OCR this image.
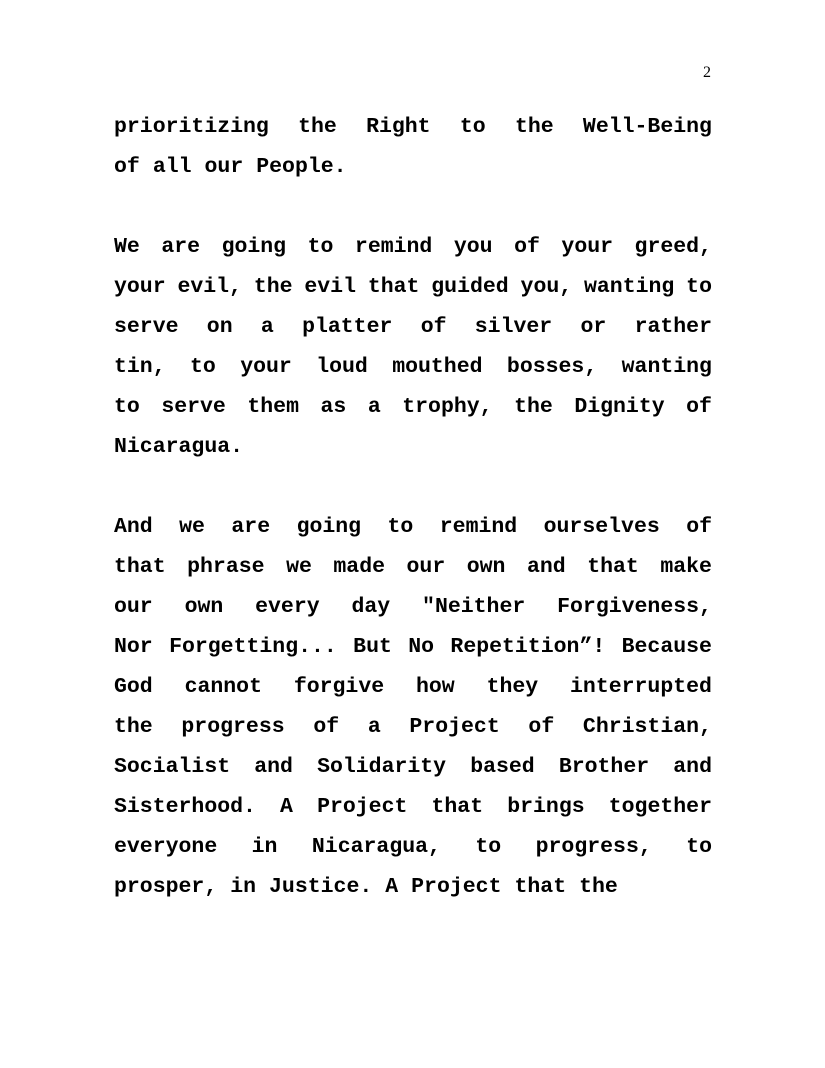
2
prioritizing the Right to the Well-Being
of all our People.
We are going to remind you of your greed,
your evil, the evil that guided you, wanting to
serve on a platter of silver or rather
tin, to your loud mouthed bosses, wanting
to serve them as a trophy, the Dignity of
Nicaragua.
And we are going to remind ourselves of
that phrase we made our own and that make
our own every day "Neither Forgiveness,
Nor Forgetting... But No Repetition”! Because
God cannot forgive how they interrupted
the progress of a Project of Christian,
Socialist and Solidarity based Brother and
Sisterhood. A Project that brings together
everyone in Nicaragua, to progress, to
prosper, in Justice. A Project that the
